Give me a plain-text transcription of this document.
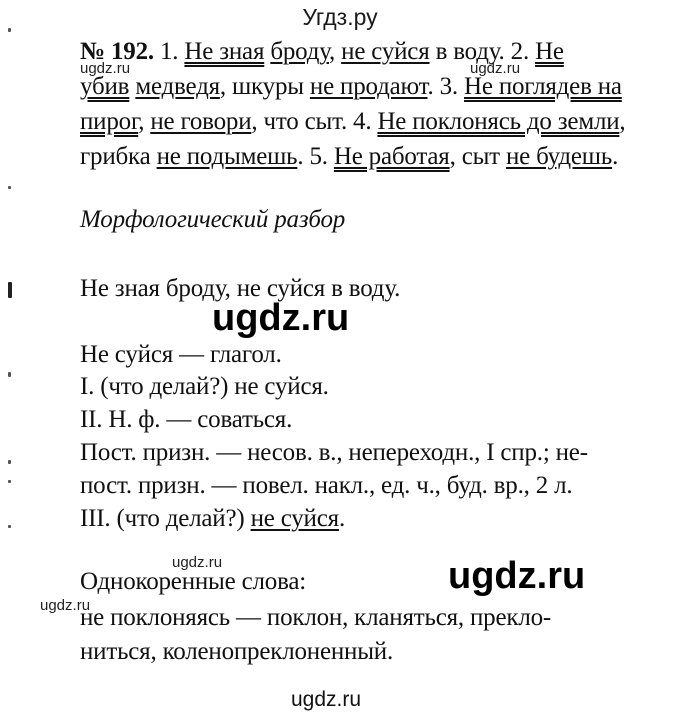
Угдз.ру
№ 192. 1. Не зная броду, не суйся в воду. 2. Не
убив медведя, шкуры не продают. 3. Не поглядев на
пирог, не говори, что сыт. 4. Не поклонясь до земли,
грибка не подымешь. 5. Не работая, сыт не будешь.
Морфологический разбор
Не зная броду, не суйся в воду.
Не суйся — глагол.
I. (что делай?) не суйся.
II. Н. ф. — соваться.
Пост. призн. — несов. в., непереходн., I спр.; не-
пост. призн. — повел. накл., ед. ч., буд. вр., 2 л.
III. (что делай?) не суйся.
Однокоренные слова:
не поклоняясь — поклон, кланяться, прекло-
ниться, коленопреклоненный.
ugdz.ru	ugdz.ru
ugdz.ru
ugdz.ru	ugdz.ru
ugdz.ru
ugdz.ru
